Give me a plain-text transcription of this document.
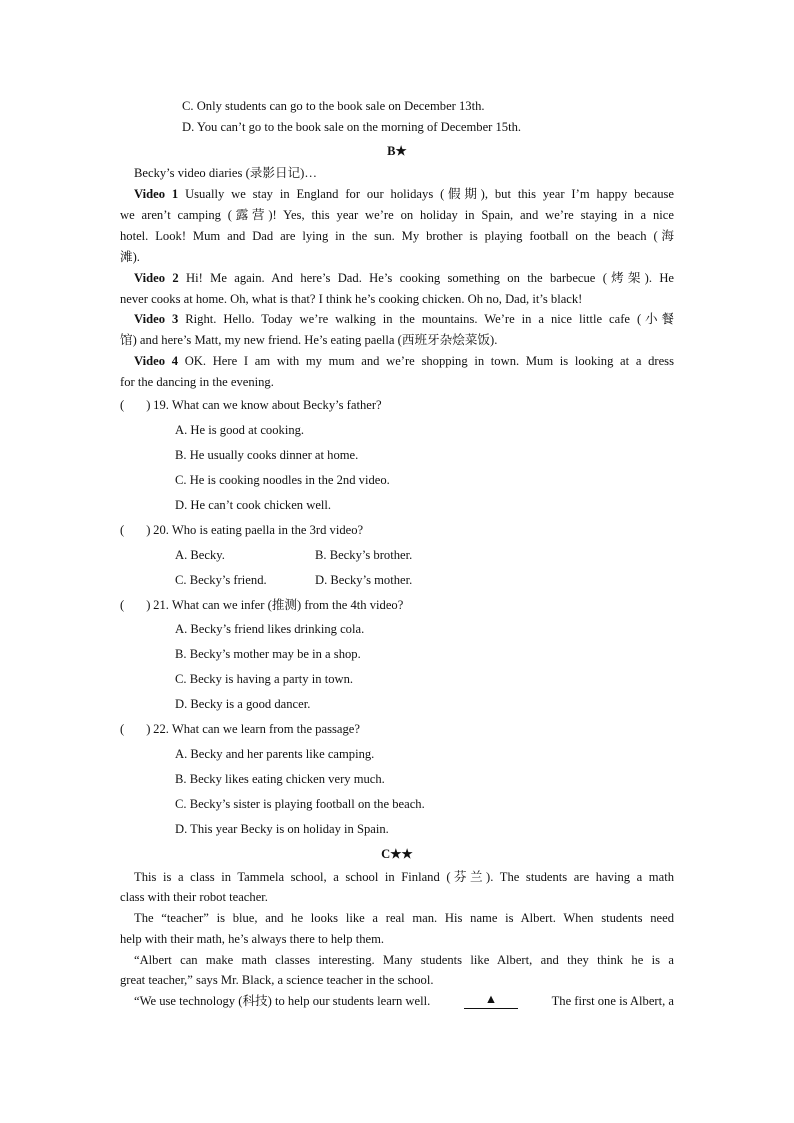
C. Only students can go to the book sale on December 13th.
D. You can’t go to the book sale on the morning of December 15th.
B★
Becky’s video diaries (录影日记)…
Video 1 Usually we stay in England for our holidays (假期), but this year I’m happy because
we aren’t camping (露营)! Yes, this year we’re on holiday in Spain, and we’re staying in a nice
hotel. Look! Mum and Dad are lying in the sun. My brother is playing football on the beach (海
滩).
Video 2 Hi! Me again. And here’s Dad. He’s cooking something on the barbecue (烤架). He
never cooks at home. Oh, what is that? I think he’s cooking chicken. Oh no, Dad, it’s black!
Video 3 Right. Hello. Today we’re walking in the mountains. We’re in a nice little cafe (小餐
馆) and here’s Matt, my new friend. He’s eating paella (西班牙杂烩菜饭).
Video 4 OK. Here I am with my mum and we’re shopping in town. Mum is looking at a dress
for the dancing in the evening.
( ) 19. What can we know about Becky’s father?
A. He is good at cooking.
B. He usually cooks dinner at home.
C. He is cooking noodles in the 2nd video.
D. He can’t cook chicken well.
( ) 20. Who is eating paella in the 3rd video?
A. Becky.	B. Becky’s brother.
C. Becky’s friend.	D. Becky’s mother.
( ) 21. What can we infer (推测) from the 4th video?
A. Becky’s friend likes drinking cola.
B. Becky’s mother may be in a shop.
C. Becky is having a party in town.
D. Becky is a good dancer.
( ) 22. What can we learn from the passage?
A. Becky and her parents like camping.
B. Becky likes eating chicken very much.
C. Becky’s sister is playing football on the beach.
D. This year Becky is on holiday in Spain.
C★★
This is a class in Tammela school, a school in Finland (芬兰). The students are having a math
class with their robot teacher.
The “teacher” is blue, and he looks like a real man. His name is Albert. When students need
help with their math, he’s always there to help them.
“Albert can make math classes interesting. Many students like Albert, and they think he is a
great teacher,” says Mr. Black, a science teacher in the school.
“We use technology (科技) to help our students learn well.	▲	The first one is Albert, a
